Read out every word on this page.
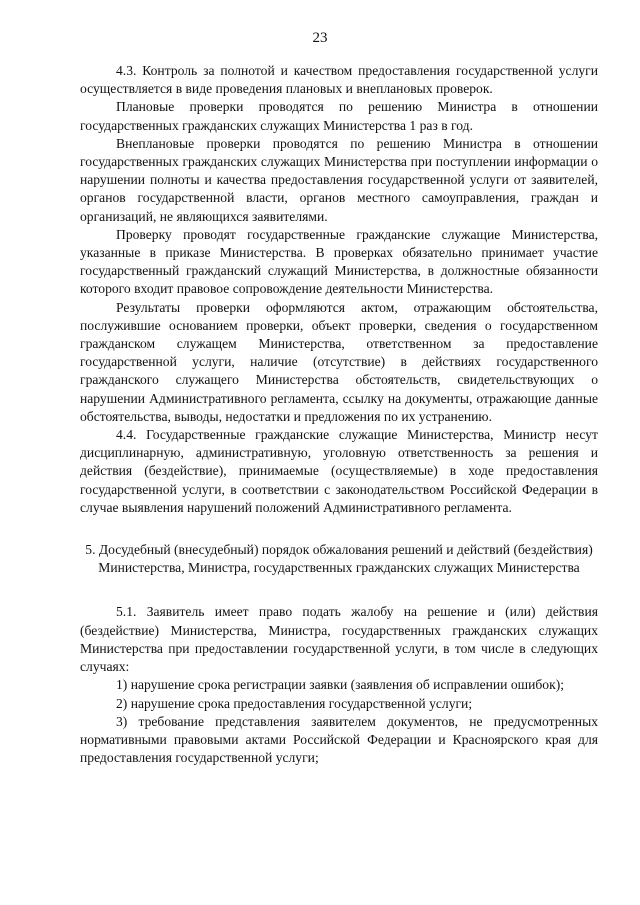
23

4.3. Контроль за полнотой и качеством предоставления государственной услуги осуществляется в виде проведения плановых и внеплановых проверок.

Плановые проверки проводятся по решению Министра в отношении государственных гражданских служащих Министерства 1 раз в год.

Внеплановые проверки проводятся по решению Министра в отношении государственных гражданских служащих Министерства при поступлении информации о нарушении полноты и качества предоставления государственной услуги от заявителей, органов государственной власти, органов местного самоуправления, граждан и организаций, не являющихся заявителями.

Проверку проводят государственные гражданские служащие Министерства, указанные в приказе Министерства. В проверках обязательно принимает участие государственный гражданский служащий Министерства, в должностные обязанности которого входит правовое сопровождение деятельности Министерства.

Результаты проверки оформляются актом, отражающим обстоятельства, послужившие основанием проверки, объект проверки, сведения о государственном гражданском служащем Министерства, ответственном за предоставление государственной услуги, наличие (отсутствие) в действиях государственного гражданского служащего Министерства обстоятельств, свидетельствующих о нарушении Административного регламента, ссылку на документы, отражающие данные обстоятельства, выводы, недостатки и предложения по их устранению.

4.4. Государственные гражданские служащие Министерства, Министр несут дисциплинарную, административную, уголовную ответственность за решения и действия (бездействие), принимаемые (осуществляемые) в ходе предоставления государственной услуги, в соответствии с законодательством Российской Федерации в случае выявления нарушений положений Административного регламента.

5. Досудебный (внесудебный) порядок обжалования решений и действий (бездействия) Министерства, Министра, государственных гражданских служащих Министерства

5.1. Заявитель имеет право подать жалобу на решение и (или) действия (бездействие) Министерства, Министра, государственных гражданских служащих Министерства при предоставлении государственной услуги, в том числе в следующих случаях:

1) нарушение срока регистрации заявки (заявления об исправлении ошибок);

2) нарушение срока предоставления государственной услуги;

3) требование представления заявителем документов, не предусмотренных нормативными правовыми актами Российской Федерации и Красноярского края для предоставления государственной услуги;
